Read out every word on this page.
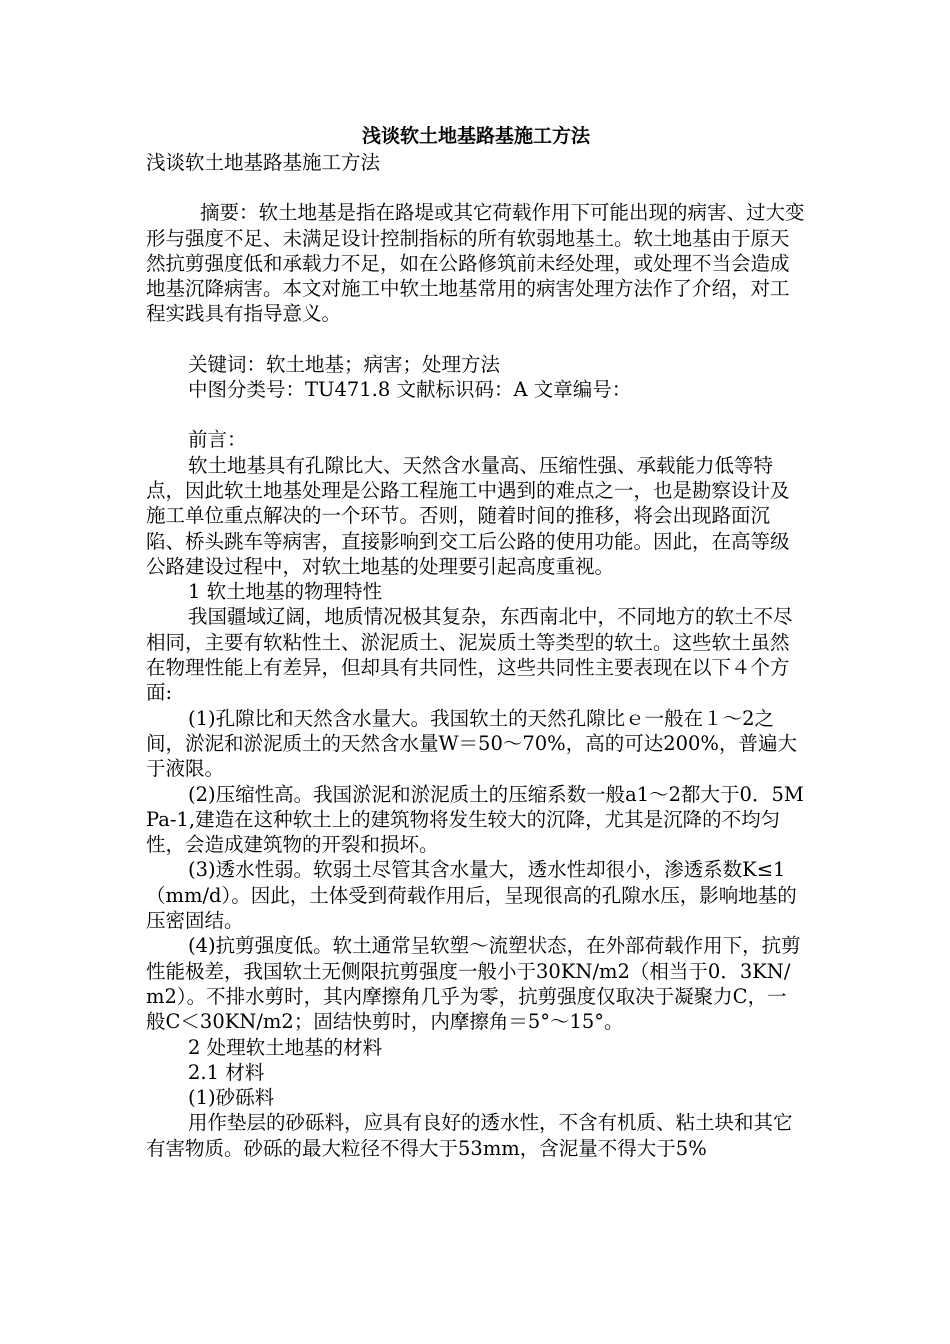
浅谈软土地基路基施工方法

浅谈软土地基路基施工方法

摘要：软土地基是指在路堤或其它荷载作用下可能出现的病害、过大变形与强度不足、未满足设计控制指标的所有软弱地基土。软土地基由于原天然抗剪强度低和承载力不足，如在公路修筑前未经处理，或处理不当会造成地基沉降病害。本文对施工中软土地基常用的病害处理方法作了介绍，对工程实践具有指导意义。

关键词：软土地基；病害；处理方法

中图分类号：TU471.8 文献标识码：A 文章编号：

前言：

软土地基具有孔隙比大、天然含水量高、压缩性强、承载能力低等特点，因此软土地基处理是公路工程施工中遇到的难点之一，也是勘察设计及施工单位重点解决的一个环节。否则，随着时间的推移，将会出现路面沉陷、桥头跳车等病害，直接影响到交工后公路的使用功能。因此，在高等级公路建设过程中，对软土地基的处理要引起高度重视。

1 软土地基的物理特性

我国疆域辽阔，地质情况极其复杂，东西南北中，不同地方的软土不尽相同，主要有软粘性土、淤泥质土、泥炭质土等类型的软土。这些软土虽然在物理性能上有差异，但却具有共同性，这些共同性主要表现在以下４个方面:

(1)孔隙比和天然含水量大。我国软土的天然孔隙比ｅ一般在１～2之间，淤泥和淤泥质土的天然含水量W＝50～70%，高的可达200%，普遍大于液限。

(2)压缩性高。我国淤泥和淤泥质土的压缩系数一般a1～2都大于0．5MPa-1,建造在这种软土上的建筑物将发生较大的沉降，尤其是沉降的不均匀性，会造成建筑物的开裂和损坏。

(3)透水性弱。软弱土尽管其含水量大，透水性却很小，渗透系数K≤1（mm/d）。因此，土体受到荷载作用后，呈现很高的孔隙水压，影响地基的压密固结。

(4)抗剪强度低。软土通常呈软塑～流塑状态，在外部荷载作用下，抗剪性能极差，我国软土无侧限抗剪强度一般小于30KN/m2（相当于0．3KN/m2）。不排水剪时，其内摩擦角几乎为零，抗剪强度仅取决于凝聚力C，一般C＜30KN/m2；固结快剪时，内摩擦角＝5°～15°。

2 处理软土地基的材料

2.1 材料

(1)砂砾料

用作垫层的砂砾料，应具有良好的透水性，不含有机质、粘土块和其它有害物质。砂砾的最大粒径不得大于53mm，含泥量不得大于5%
